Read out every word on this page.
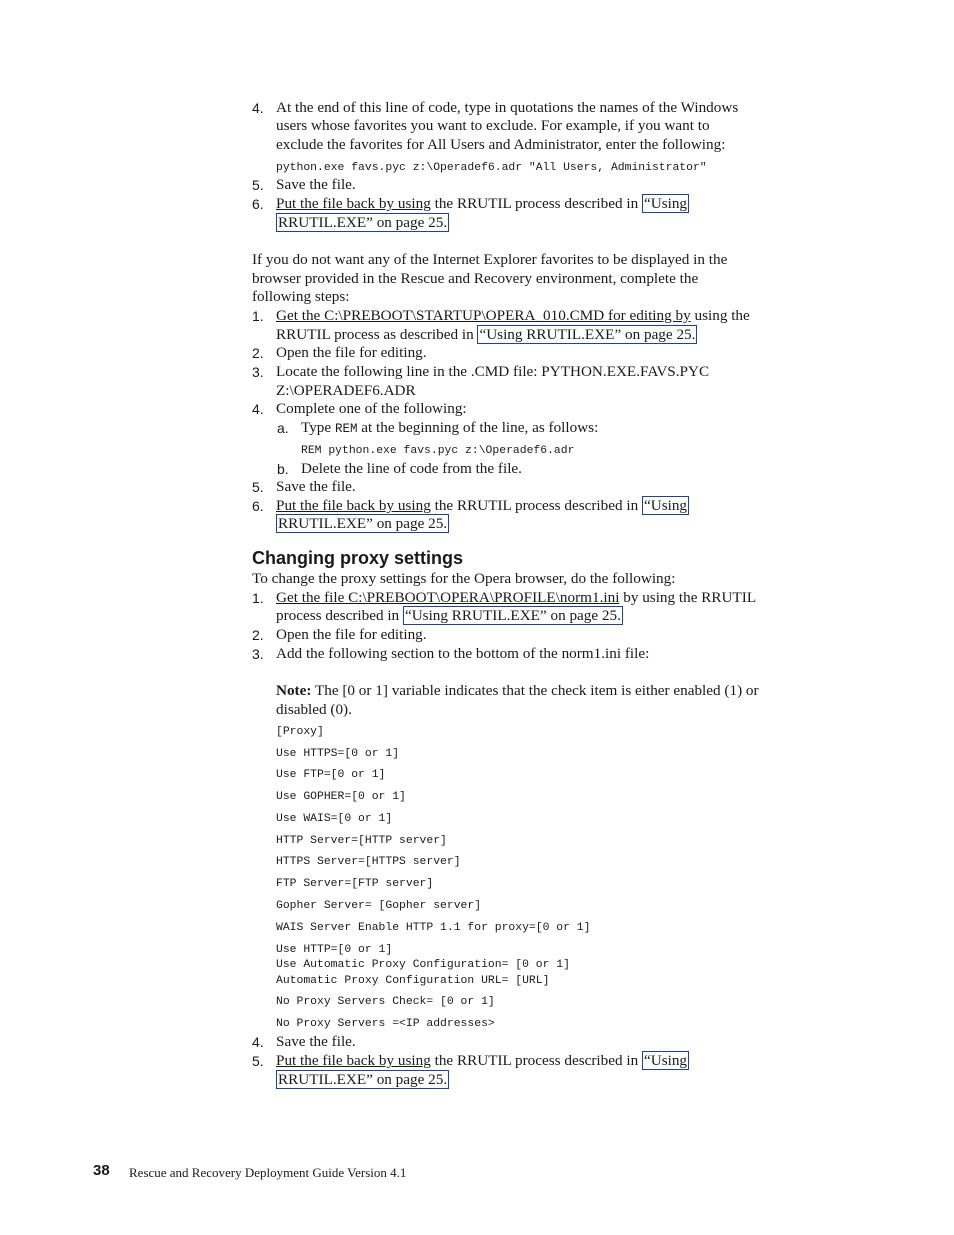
4. At the end of this line of code, type in quotations the names of the Windows
users whose favorites you want to exclude. For example, if you want to
exclude the favorites for All Users and Administrator, enter the following:
python.exe favs.pyc z:\Operadef6.adr "All Users, Administrator"
5. Save the file.
6. Put the file back by using the RRUTIL process described in “Using
RRUTIL.EXE” on page 25.
If you do not want any of the Internet Explorer favorites to be displayed in the
browser provided in the Rescue and Recovery environment, complete the
following steps:
1. Get the C:\PREBOOT\STARTUP\OPERA_010.CMD for editing by using the
RRUTIL process as described in “Using RRUTIL.EXE” on page 25.
2. Open the file for editing.
3. Locate the following line in the .CMD file: PYTHON.EXE.FAVS.PYC
Z:\OPERADEF6.ADR
4. Complete one of the following:
a. Type REM at the beginning of the line, as follows:
REM python.exe favs.pyc z:\Operadef6.adr
b. Delete the line of code from the file.
5. Save the file.
6. Put the file back by using the RRUTIL process described in “Using
RRUTIL.EXE” on page 25.
Changing proxy settings
To change the proxy settings for the Opera browser, do the following:
1. Get the file C:\PREBOOT\OPERA\PROFILE\norm1.ini by using the RRUTIL
process described in “Using RRUTIL.EXE” on page 25.
2. Open the file for editing.
3. Add the following section to the bottom of the norm1.ini file:
Note: The [0 or 1] variable indicates that the check item is either enabled (1) or
disabled (0).
[Proxy]
Use HTTPS=[0 or 1]
Use FTP=[0 or 1]
Use GOPHER=[0 or 1]
Use WAIS=[0 or 1]
HTTP Server=[HTTP server]
HTTPS Server=[HTTPS server]
FTP Server=[FTP server]
Gopher Server= [Gopher server]
WAIS Server Enable HTTP 1.1 for proxy=[0 or 1]
Use HTTP=[0 or 1]
Use Automatic Proxy Configuration= [0 or 1]
Automatic Proxy Configuration URL= [URL]
No Proxy Servers Check= [0 or 1]
No Proxy Servers =<IP addresses>
4. Save the file.
5. Put the file back by using the RRUTIL process described in “Using
RRUTIL.EXE” on page 25.
38 Rescue and Recovery Deployment Guide Version 4.1
